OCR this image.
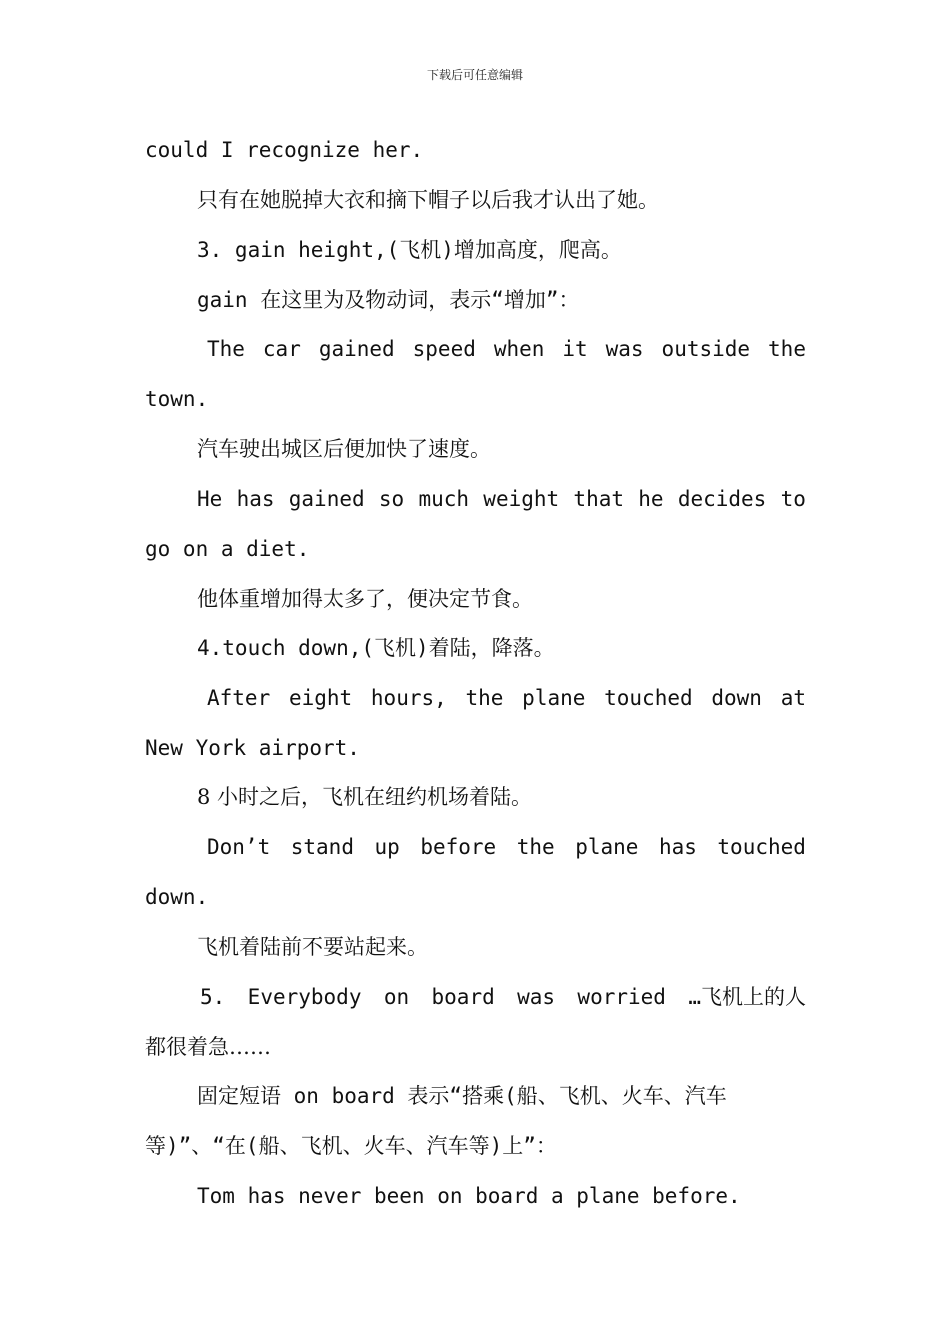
下载后可任意编辑
could I recognize her.
只有在她脱掉大衣和摘下帽子以后我才认出了她。
3. gain height,(飞机)增加高度，爬高。
gain 在这里为及物动词，表示“增加”：
The car gained speed when it was outside the
town.
汽车驶出城区后便加快了速度。
He has gained so much weight that he decides to
go on a diet.
他体重增加得太多了，便决定节食。
4.touch down,(飞机)着陆，降落。
After eight hours, the plane touched down at
New York airport.
8 小时之后，飞机在纽约机场着陆。
Don’t stand up before the plane has touched
down.
飞机着陆前不要站起来。
5. Everybody on board was worried …飞机上的人
都很着急……
固定短语 on board 表示“搭乘(船、飞机、火车、汽车
等)”、“在(船、飞机、火车、汽车等)上”：
Tom has never been on board a plane before.
